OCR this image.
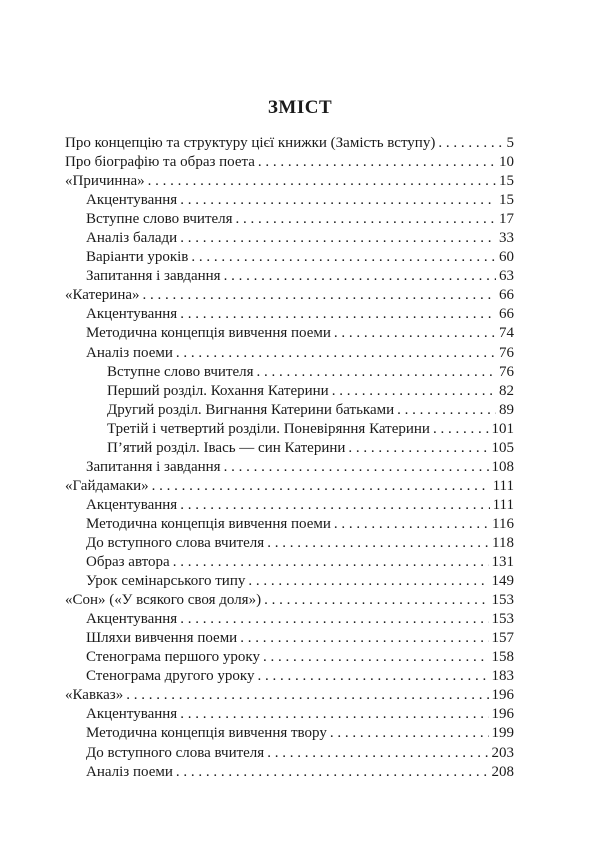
ЗМІСТ
Про концепцію та структуру цієї книжки (Замість вступу) . . .	5
Про біографію та образ поета . . .	10
«Причинна» . . .	15
Акцентування . . .	15
Вступне слово вчителя . . .	17
Аналіз балади . . .	33
Варіанти уроків . . .	60
Запитання і завдання . . .	63
«Катерина» . . .	66
Акцентування . . .	66
Методична концепція вивчення поеми . . .	74
Аналіз поеми . . .	76
Вступне слово вчителя . . .	76
Перший розділ. Кохання Катерини . . .	82
Другий розділ. Вигнання Катерини батьками . . .	89
Третій і четвертий розділи. Поневіряння Катерини . . .	101
П’ятий розділ. Івась — син Катерини . . .	105
Запитання і завдання . . .	108
«Гайдамаки» . . .	111
Акцентування . . .	111
Методична концепція вивчення поеми . . .	116
До вступного слова вчителя . . .	118
Образ автора . . .	131
Урок семінарського типу . . .	149
«Сон» («У всякого своя доля») . . .	153
Акцентування . . .	153
Шляхи вивчення поеми . . .	157
Стенограма першого уроку . . .	158
Стенограма другого уроку . . .	183
«Кавказ» . . .	196
Акцентування . . .	196
Методична концепція вивчення твору . . .	199
До вступного слова вчителя . . .	203
Аналіз поеми . . .	208
